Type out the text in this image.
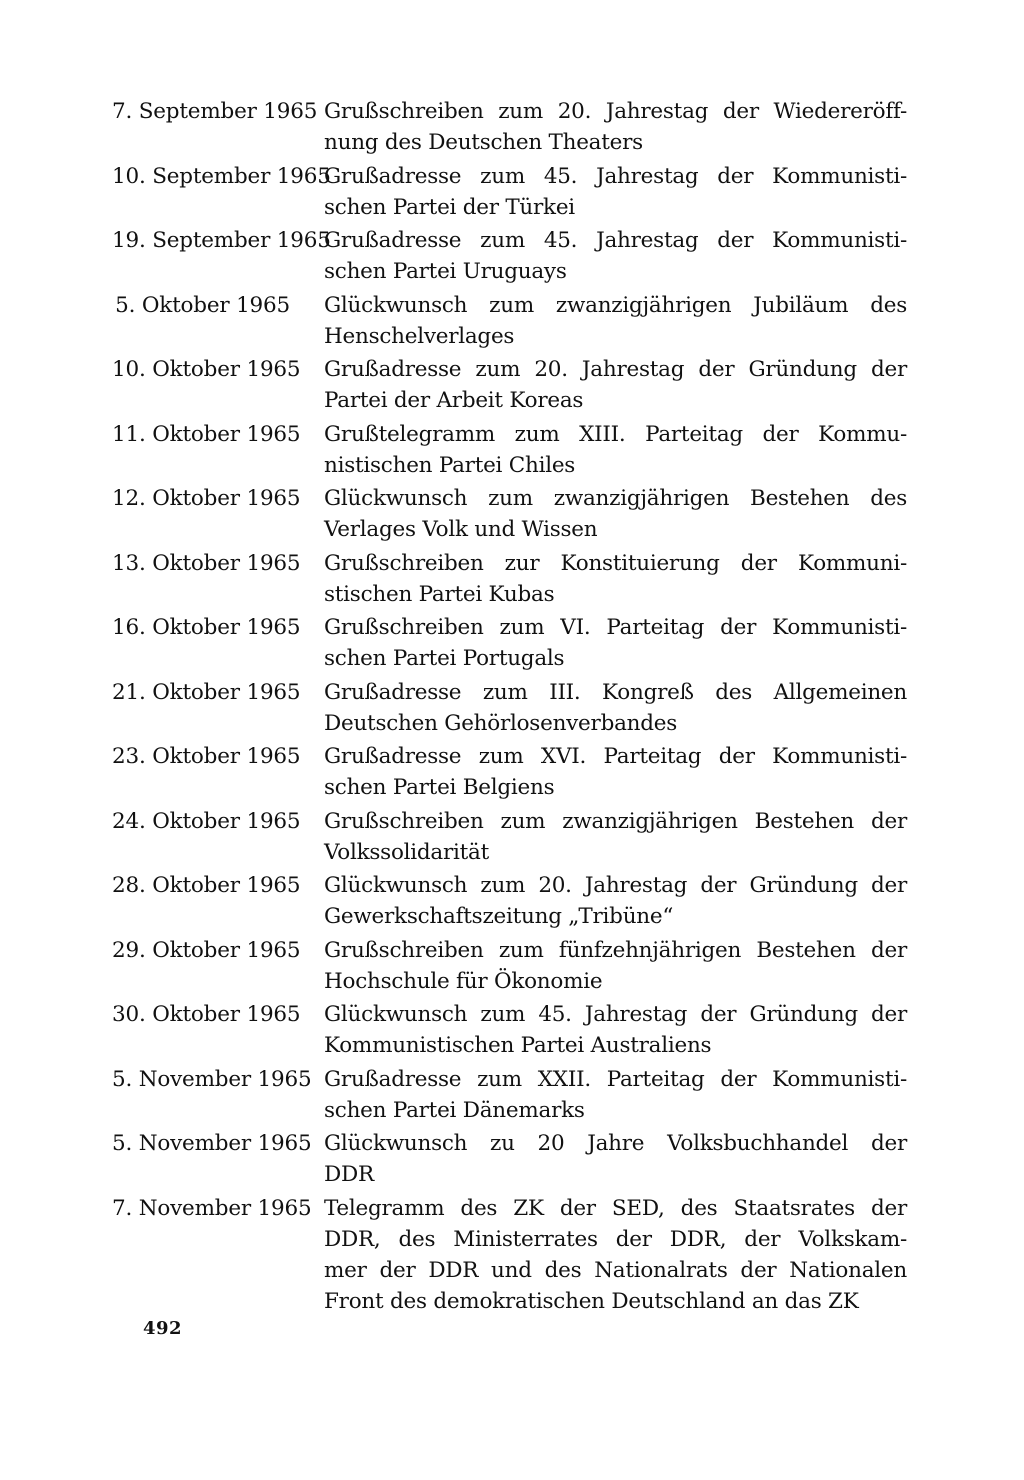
7. September 1965 Grußschreiben zum 20. Jahrestag der Wiedereröff-
nung des Deutschen Theaters
10. September 1965
Grußadresse zum 45. Jahrestag der Kommunisti-
schen Partei der Türkei
19. September 1965
Grußadresse zum 45. Jahrestag der Kommunisti-
schen Partei Uruguays
5. Oktober 1965	Glückwunsch zum zwanzigjährigen Jubiläum des
Henschelverlages
10. Oktober 1965	Grußadresse zum 20. Jahrestag der Gründung der
Partei der Arbeit Koreas
11. Oktober 1965	Grußtelegramm zum XIII. Parteitag der Kommu-
nistischen Partei Chiles
12. Oktober 1965	Glückwunsch zum zwanzigjährigen Bestehen des
Verlages Volk und Wissen
13. Oktober 1965	Grußschreiben zur Konstituierung der Kommuni-
stischen Partei Kubas
16. Oktober 1965	Grußschreiben zum VI. Parteitag der Kommunisti-
schen Partei Portugals
21. Oktober 1965	Grußadresse zum III. Kongreß des Allgemeinen
Deutschen Gehörlosenverbandes
23. Oktober 1965	Grußadresse zum XVI. Parteitag der Kommunisti-
schen Partei Belgiens
24. Oktober 1965	Grußschreiben zum zwanzigjährigen Bestehen der
Volkssolidarität
28. Oktober 1965	Glückwunsch zum 20. Jahrestag der Gründung der
Gewerkschaftszeitung „Tribüne“
29. Oktober 1965	Grußschreiben zum fünfzehnjährigen Bestehen der
Hochschule für Ökonomie
30. Oktober 1965	Glückwunsch zum 45. Jahrestag der Gründung der
Kommunistischen Partei Australiens
5. November 1965 Grußadresse zum XXII. Parteitag der Kommunisti-
schen Partei Dänemarks
5. November 1965 Glückwunsch zu 20 Jahre Volksbuchhandel der
DDR
7. November 1965 Telegramm des ZK der SED, des Staatsrates der
DDR, des Ministerrates der DDR, der Volkskam-
mer der DDR und des Nationalrats der Nationalen
Front des demokratischen Deutschland an das ZK
492
